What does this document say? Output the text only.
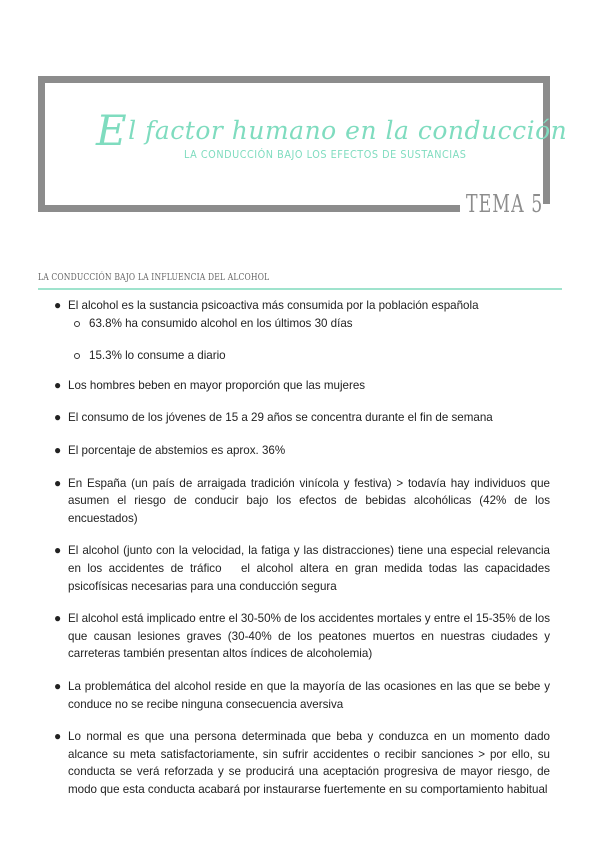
El factor humano en la conducción
LA CONDUCCIÓN BAJO LOS EFECTOS DE SUSTANCIAS
TEMA 5
LA CONDUCCIÓN BAJO LA INFLUENCIA DEL ALCOHOL
● El alcohol es la sustancia psicoactiva más consumida por la población española
63.8% ha consumido alcohol en los últimos 30 días
15.3% lo consume a diario
● Los hombres beben en mayor proporción que las mujeres
● El consumo de los jóvenes de 15 a 29 años se concentra durante el fin de semana
● El porcentaje de abstemios es aprox. 36%
● En España (un país de arraigada tradición vinícola y festiva) > todavía hay individuos que asumen el riesgo de conducir bajo los efectos de bebidas alcohólicas (42% de los encuestados)
● El alcohol (junto con la velocidad, la fatiga y las distracciones) tiene una especial relevancia en los accidentes de tráfico   el alcohol altera en gran medida todas las capacidades psicofísicas necesarias para una conducción segura
● El alcohol está implicado entre el 30-50% de los accidentes mortales y entre el 15-35% de los que causan lesiones graves (30-40% de los peatones muertos en nuestras ciudades y carreteras también presentan altos índices de alcoholemia)
● La problemática del alcohol reside en que la mayoría de las ocasiones en las que se bebe y conduce no se recibe ninguna consecuencia aversiva
● Lo normal es que una persona determinada que beba y conduzca en un momento dado alcance su meta satisfactoriamente, sin sufrir accidentes o recibir sanciones > por ello, su conducta se verá reforzada y se producirá una aceptación progresiva de mayor riesgo, de modo que esta conducta acabará por instaurarse fuertemente en su comportamiento habitual
